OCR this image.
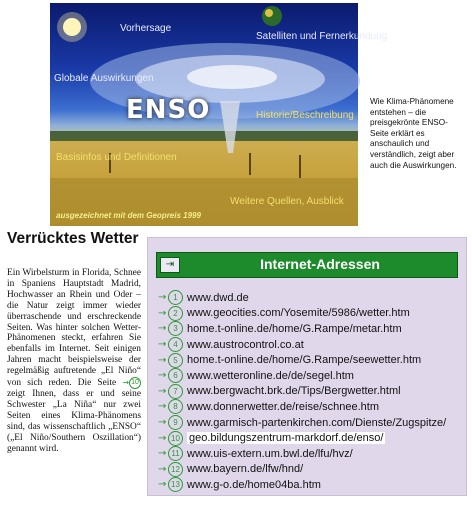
Vorhersage
Satelliten und Fernerkundung
Globale Auswirkungen
ENSO	Historie/Beschreibung
Basisinfos und Definitionen
Weitere Quellen, Ausblick
ausgezeichnet mit dem Geopreis 1999
Wie Klima-Phänomene entstehen – die preisgekrönte ENSO-Seite erklärt es anschaulich und verständlich, zeigt aber auch die Auswirkungen.
Verrücktes Wetter
Ein Wirbelsturm in Florida, Schnee in Spaniens Hauptstadt Madrid, Hochwasser an Rhein und Oder – die Natur zeigt immer wieder überraschende und erschreckende Seiten. Was hinter solchen Wetter-Phänomenen steckt, erfahren Sie ebenfalls im Internet. Seit einigen Jahren macht beispielsweise der regelmäßig auftretende „El Niño“ von sich reden. Die Seite → 10 zeigt Ihnen, dass er und seine Schwester „La Niña“ nur zwei Seiten eines Klima-Phänomens sind, das wissenschaftlich „ENSO“ („El Niño/Southern Oszillation“) genannt wird.
⇥	Internet-Adressen
→ 1 www.dwd.de
→ 2 www.geocities.com/Yosemite/5986/wetter.htm
→ 3 home.t-online.de/home/G.Rampe/metar.htm
→ 4 www.austrocontrol.co.at
→ 5 home.t-online.de/home/G.Rampe/seewetter.htm
→ 6 www.wetteronline.de/de/segel.htm
→ 7 www.bergwacht.brk.de/Tips/Bergwetter.html
→ 8 www.donnerwetter.de/reise/schnee.htm
→ 9 www.garmisch-partenkirchen.com/Dienste/Zugspitze/
→ 10 geo.bildungszentrum-markdorf.de/enso/
→ 11 www.uis-extern.um.bwl.de/lfu/hvz/
→ 12 www.bayern.de/lfw/hnd/
→ 13 www.g-o.de/home04ba.htm
